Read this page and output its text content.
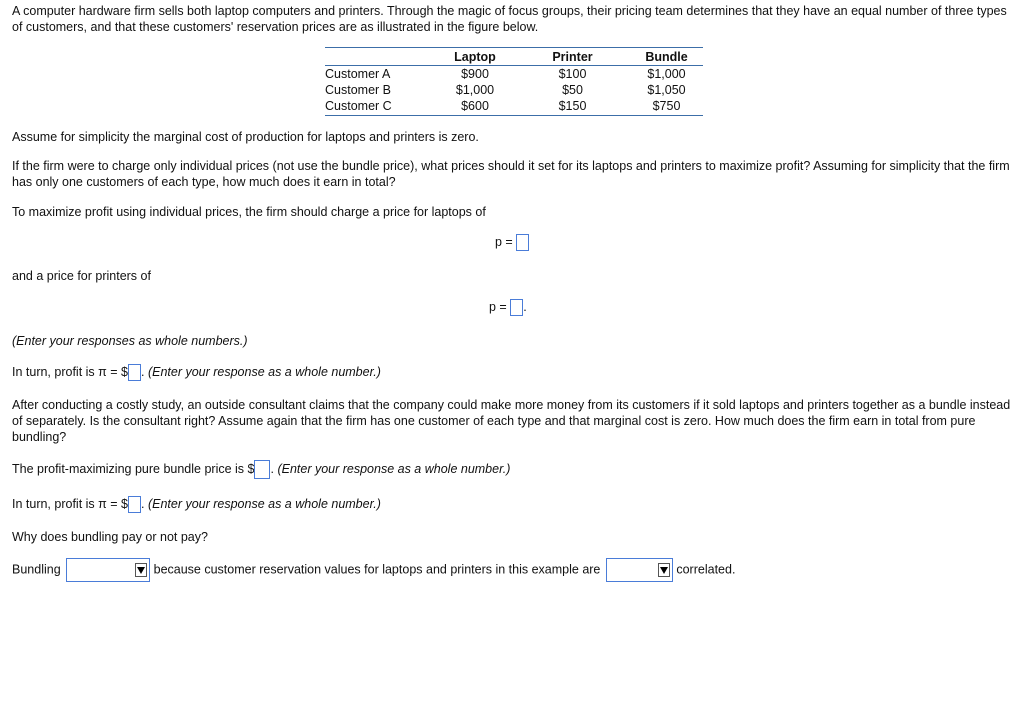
A computer hardware firm sells both laptop computers and printers. Through the magic of focus groups, their pricing team determines that they have an equal number of three types of customers, and that these customers' reservation prices are as illustrated in the figure below.
	Laptop	Printer	Bundle
Customer A	$900	$100	$1,000
Customer B	$1,000	$50	$1,050
Customer C	$600	$150	$750
Assume for simplicity the marginal cost of production for laptops and printers is zero.
If the firm were to charge only individual prices (not use the bundle price), what prices should it set for its laptops and printers to maximize profit? Assuming for simplicity that the firm has only one customers of each type, how much does it earn in total?
To maximize profit using individual prices, the firm should charge a price for laptops of
p =
and a price for printers of
p = .
(Enter your responses as whole numbers.)
In turn, profit is π = $ . (Enter your response as a whole number.)
After conducting a costly study, an outside consultant claims that the company could make more money from its customers if it sold laptops and printers together as a bundle instead of separately. Is the consultant right? Assume again that the firm has one customer of each type and that marginal cost is zero. How much does the firm earn in total from pure bundling?
The profit-maximizing pure bundle price is $ . (Enter your response as a whole number.)
In turn, profit is π = $ . (Enter your response as a whole number.)
Why does bundling pay or not pay?
Bundling	because customer reservation values for laptops and printers in this example are	correlated.
